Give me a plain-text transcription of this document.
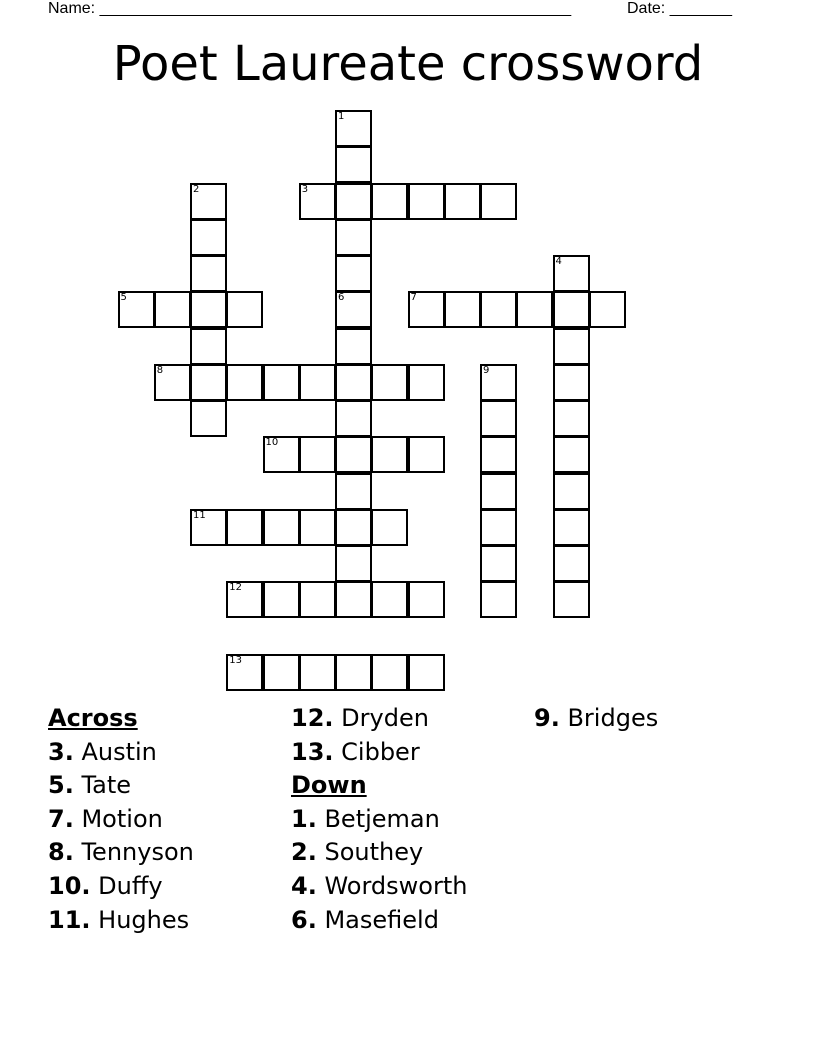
Name: _____________________________________________________	Date: _______
Poet Laureate crossword
1
6
2	3
4
5	7
8	9
10
11
12
13
Across
3. Austin
5. Tate
7. Motion
8. Tennyson
10. Duffy
11. Hughes
12. Dryden
13. Cibber
Down
1. Betjeman
2. Southey
4. Wordsworth
6. Masefield
9. Bridges
